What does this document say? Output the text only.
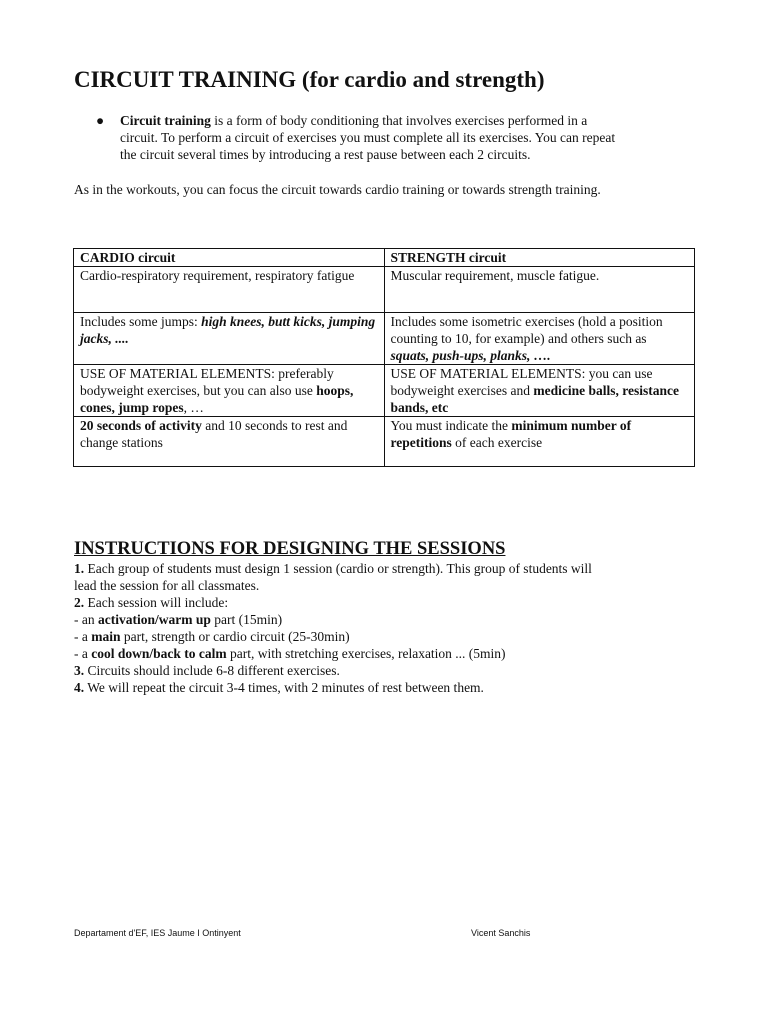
CIRCUIT TRAINING (for cardio and strength)
●	Circuit training is a form of body conditioning that involves exercises performed in a
circuit. To perform a circuit of exercises you must complete all its exercises. You can repeat
the circuit several times by introducing a rest pause between each 2 circuits.

As in the workouts, you can focus the circuit towards cardio training or towards strength training.

CARDIO circuit	STRENGTH circuit
Cardio-respiratory requirement, respiratory fatigue	Muscular requirement, muscle fatigue.
Includes some jumps: high knees, butt kicks, jumping jacks, ....	Includes some isometric exercises (hold a position counting to 10, for example) and others such as   squats, push-ups, planks, ….
USE OF MATERIAL ELEMENTS: preferably bodyweight exercises, but you can also use hoops, cones, jump ropes, …	USE OF MATERIAL ELEMENTS: you can use bodyweight exercises and medicine balls, resistance bands, etc
20 seconds of activity and 10 seconds to rest and change stations	You must indicate the minimum number of repetitions of each exercise
INSTRUCTIONS FOR DESIGNING THE SESSIONS
1. Each group of students must design 1 session (cardio or strength). This group of students will
lead the session for all classmates.
2. Each session will include:
- an activation/warm up part (15min)
- a main part, strength or cardio circuit (25-30min)
- a cool down/back to calm part, with stretching exercises, relaxation ... (5min)
3. Circuits should include 6-8 different exercises.
4. We will repeat the circuit 3-4 times, with 2 minutes of rest between them.
Departament d'EF, IES Jaume I Ontinyent	Vicent Sanchis
